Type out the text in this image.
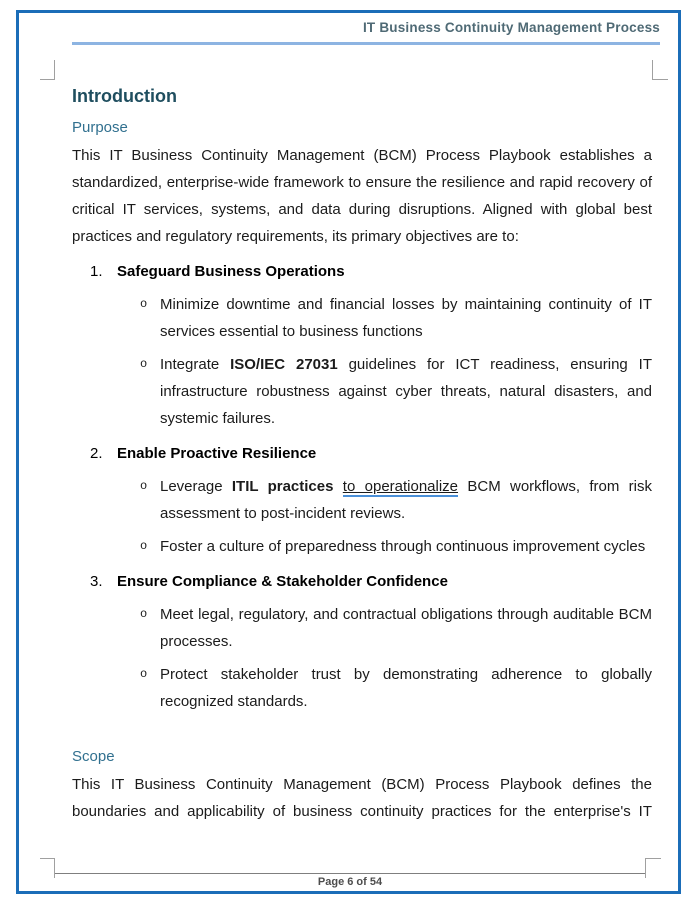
IT Business Continuity Management Process
Introduction
Purpose

This IT Business Continuity Management (BCM) Process Playbook establishes a standardized, enterprise-wide framework to ensure the resilience and rapid recovery of critical IT services, systems, and data during disruptions. Aligned with global best practices and regulatory requirements, its primary objectives are to:

1. Safeguard Business Operations
o Minimize downtime and financial losses by maintaining continuity of IT services essential to business functions
o Integrate ISO/IEC 27031 guidelines for ICT readiness, ensuring IT infrastructure robustness against cyber threats, natural disasters, and systemic failures.
2. Enable Proactive Resilience
o Leverage ITIL practices to operationalize BCM workflows, from risk assessment to post-incident reviews.
o Foster a culture of preparedness through continuous improvement cycles
3. Ensure Compliance & Stakeholder Confidence
o Meet legal, regulatory, and contractual obligations through auditable BCM processes.
o Protect stakeholder trust by demonstrating adherence to globally recognized standards.
Scope

This IT Business Continuity Management (BCM) Process Playbook defines the boundaries and applicability of business continuity practices for the enterprise's IT

Page 6 of 54
